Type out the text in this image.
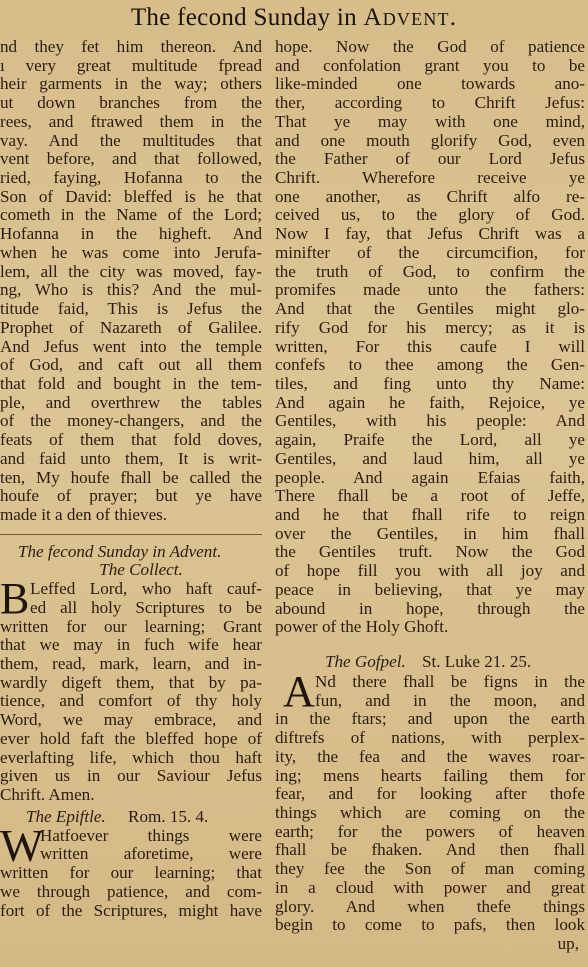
The fecond Sunday in Advent.
nd they fet him thereon. And
ı very great multitude fpread
heir garments in the way; others
ut down branches from the
rees, and ftrawed them in the
vay. And the multitudes that
vent before, and that followed,
ried, faying, Hofanna to the
Son of David: bleffed is he that
cometh in the Name of the Lord;
Hofanna in the higheft. And
when he was come into Jerufa-
lem, all the city was moved, fay-
ng, Who is this? And the mul-
titude faid, This is Jefus the
Prophet of Nazareth of Galilee.
And Jefus went into the temple
of God, and caft out all them
that fold and bought in the tem-
ple, and overthrew the tables
of the money-changers, and the
feats of them that fold doves,
and faid unto them, It is writ-
ten, My houfe fhall be called the
houfe of prayer; but ye have
made it a den of thieves.
The fecond Sunday in Advent.
The Collect.
B Leffed Lord, who haft cauf-
ed all holy Scriptures to be
written for our learning; Grant
that we may in fuch wife hear
them, read, mark, learn, and in-
wardly digeft them, that by pa-
tience, and comfort of thy holy
Word, we may embrace, and
ever hold faft the bleffed hope of
everlafting life, which thou haft
given us in our Saviour Jefus
Chrift. Amen.
The Epiftle. Rom. 15. 4.
W
Hatfoever things were
written aforetime, were
written for our learning; that
we through patience, and com-
fort of the Scriptures, might have
hope. Now the God of patience
and confolation grant you to be
like-minded one towards ano-
ther, according to Chrift Jefus:
That ye may with one mind,
and one mouth glorify God, even
the Father of our Lord Jefus
Chrift. Wherefore receive ye
one another, as Chrift alfo re-
ceived us, to the glory of God.
Now I fay, that Jefus Chrift was a
minifter of the circumcifion, for
the truth of God, to confirm the
promifes made unto the fathers:
And that the Gentiles might glo-
rify God for his mercy; as it is
written, For this caufe I will
confefs to thee among the Gen-
tiles, and fing unto thy Name:
And again he faith, Rejoice, ye
Gentiles, with his people: And
again, Praife the Lord, all ye
Gentiles, and laud him, all ye
people. And again Efaias faith,
There fhall be a root of Jeffe,
and he that fhall rife to reign
over the Gentiles, in him fhall
the Gentiles truft. Now the God
of hope fill you with all joy and
peace in believing, that ye may
abound in hope, through the
power of the Holy Ghoft.
The Gofpel. St. Luke 21. 25.
A Nd there fhall be figns in the
fun, and in the moon, and
in the ftars; and upon the earth
diftrefs of nations, with perplex-
ity, the fea and the waves roar-
ing; mens hearts failing them for
fear, and for looking after thofe
things which are coming on the
earth; for the powers of heaven
fhall be fhaken. And then fhall
they fee the Son of man coming
in a cloud with power and great
glory. And when thefe things
begin to come to pafs, then look
up,
